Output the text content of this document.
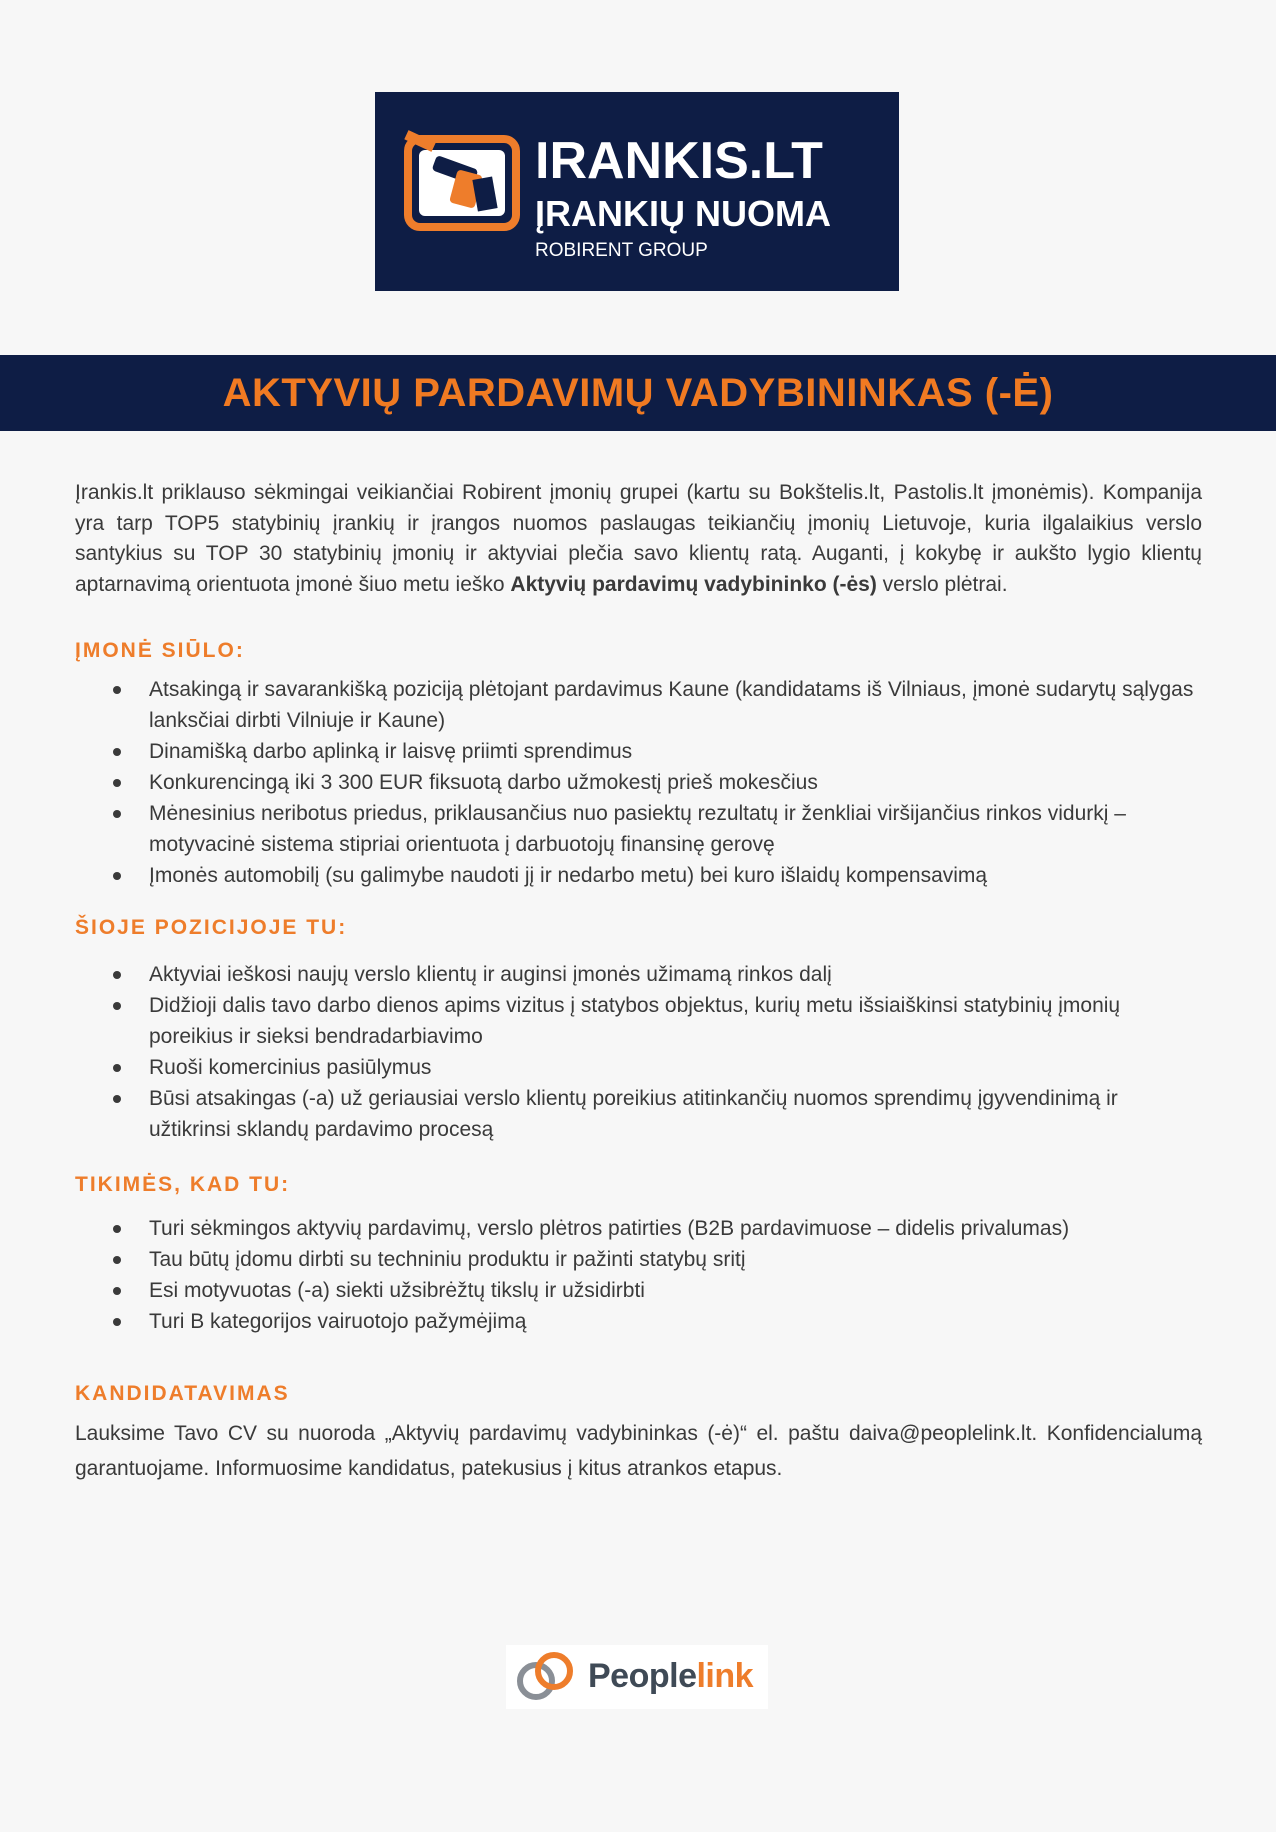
IRANKIS.LT
ĮRANKIŲ NUOMA
ROBIRENT GROUP
AKTYVIŲ PARDAVIMŲ VADYBININKAS (-Ė)

Įrankis.lt priklauso sėkmingai veikiančiai Robirent įmonių grupei (kartu su Bokštelis.lt, Pastolis.lt įmonėmis). Kompanija yra tarp TOP5 statybinių įrankių ir įrangos nuomos paslaugas teikiančių įmonių Lietuvoje, kuria ilgalaikius verslo santykius su TOP 30 statybinių įmonių ir aktyviai plečia savo klientų ratą. Auganti, į kokybę ir aukšto lygio klientų aptarnavimą orientuota įmonė šiuo metu ieško Aktyvių pardavimų vadybininko (-ės) verslo plėtrai.

ĮMONĖ SIŪLO:
Atsakingą ir savarankišką poziciją plėtojant pardavimus Kaune (kandidatams iš Vilniaus, įmonė sudarytų sąlygas lanksčiai dirbti Vilniuje ir Kaune)
Dinamišką darbo aplinką ir laisvę priimti sprendimus
Konkurencingą iki 3 300 EUR fiksuotą darbo užmokestį prieš mokesčius
Mėnesinius neribotus priedus, priklausančius nuo pasiektų rezultatų ir ženkliai viršijančius rinkos vidurkį – motyvacinė sistema stipriai orientuota į darbuotojų finansinę gerovę
Įmonės automobilį (su galimybe naudoti jį ir nedarbo metu) bei kuro išlaidų kompensavimą
ŠIOJE POZICIJOJE TU:
Aktyviai ieškosi naujų verslo klientų ir auginsi įmonės užimamą rinkos dalį
Didžioji dalis tavo darbo dienos apims vizitus į statybos objektus, kurių metu išsiaiškinsi statybinių įmonių poreikius ir sieksi bendradarbiavimo
Ruoši komercinius pasiūlymus
Būsi atsakingas (-a) už geriausiai verslo klientų poreikius atitinkančių nuomos sprendimų įgyvendinimą ir užtikrinsi sklandų pardavimo procesą
TIKIMĖS, KAD TU:
Turi sėkmingos aktyvių pardavimų, verslo plėtros patirties (B2B pardavimuose – didelis privalumas)
Tau būtų įdomu dirbti su techniniu produktu ir pažinti statybų sritį
Esi motyvuotas (-a) siekti užsibrėžtų tikslų ir užsidirbti
Turi B kategorijos vairuotojo pažymėjimą
KANDIDATAVIMAS

Lauksime Tavo CV su nuoroda „Aktyvių pardavimų vadybininkas (-ė)“ el. paštu daiva@peoplelink.lt. Konfidencialumą garantuojame. Informuosime kandidatus, patekusius į kitus atrankos etapus.

Peoplelink
